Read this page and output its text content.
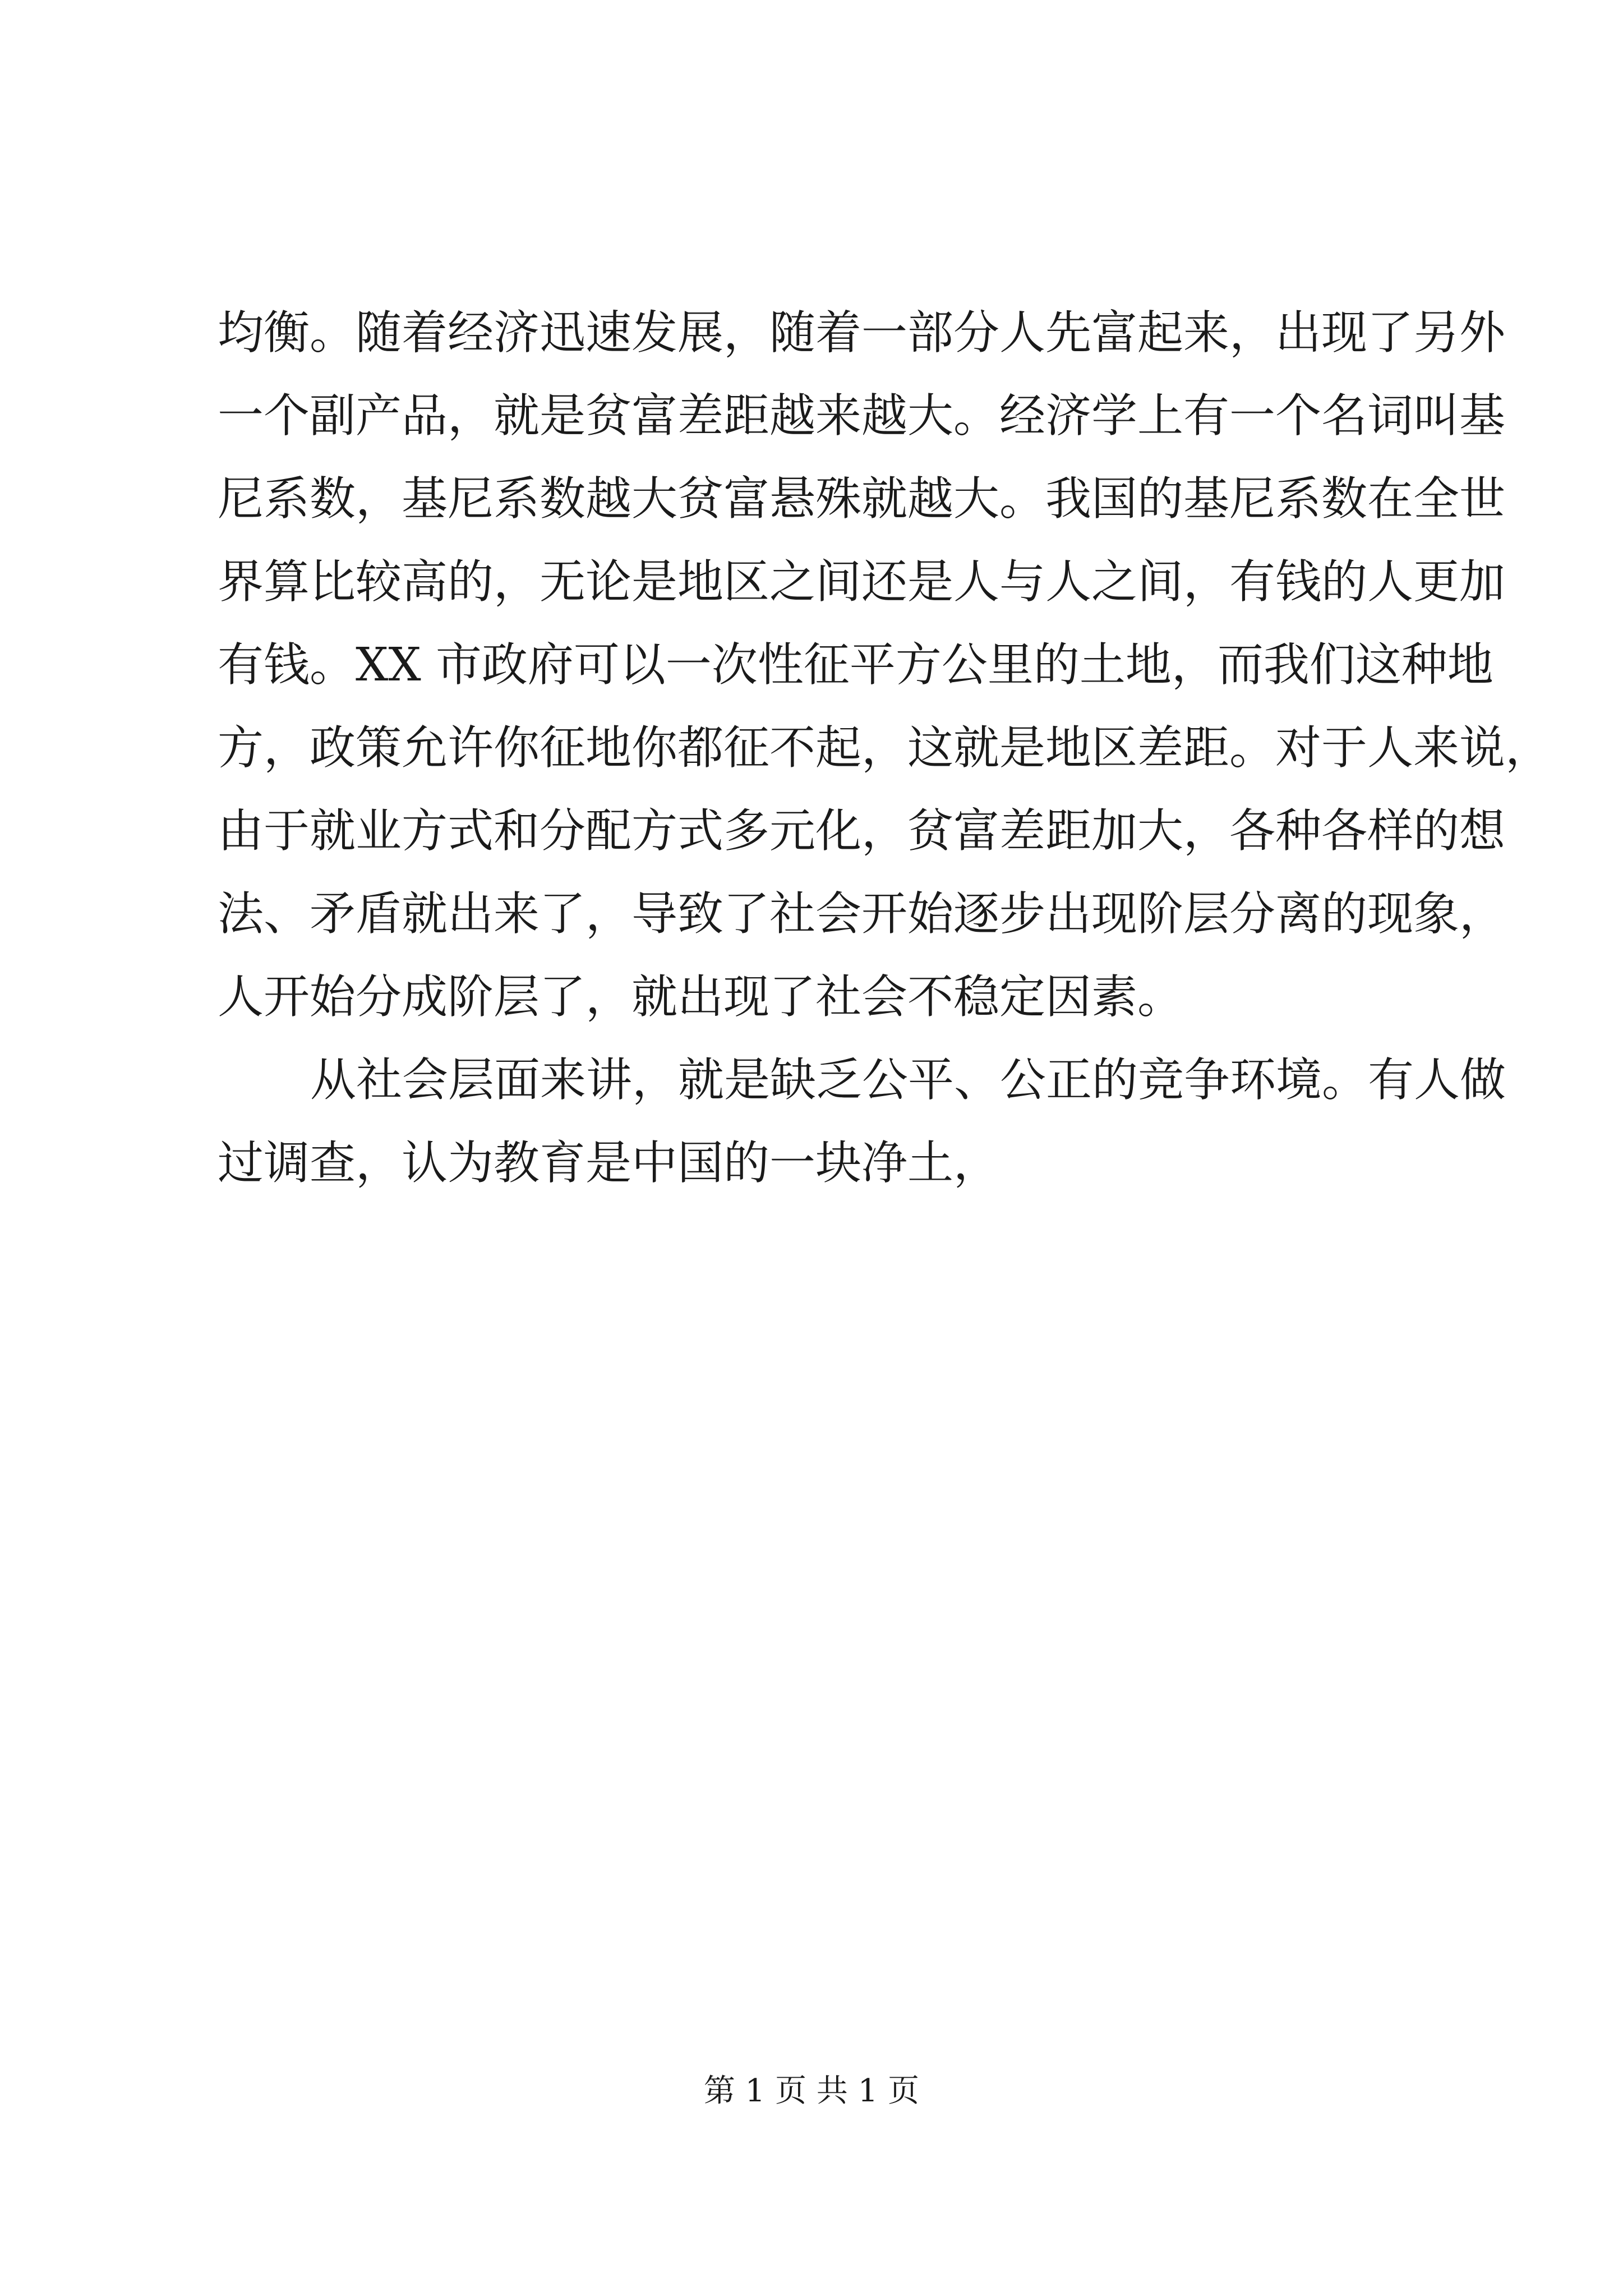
均衡。随着经济迅速发展，随着一部分人先富起来，出现了另外
一个副产品，就是贫富差距越来越大。经济学上有一个名词叫基
尼系数，基尼系数越大贫富悬殊就越大。我国的基尼系数在全世
界算比较高的，无论是地区之间还是人与人之间，有钱的人更加
有钱。XX 市政府可以一次性征平方公里的土地，而我们这种地
方，政策允许你征地你都征不起，这就是地区差距。对于人来说，
由于就业方式和分配方式多元化，贫富差距加大，各种各样的想
法、矛盾就出来了，导致了社会开始逐步出现阶层分离的现象，
人开始分成阶层了，就出现了社会不稳定因素。
从社会层面来讲，就是缺乏公平、公正的竞争环境。有人做
过调查，认为教育是中国的一块净土，
第 1 页 共 1 页
